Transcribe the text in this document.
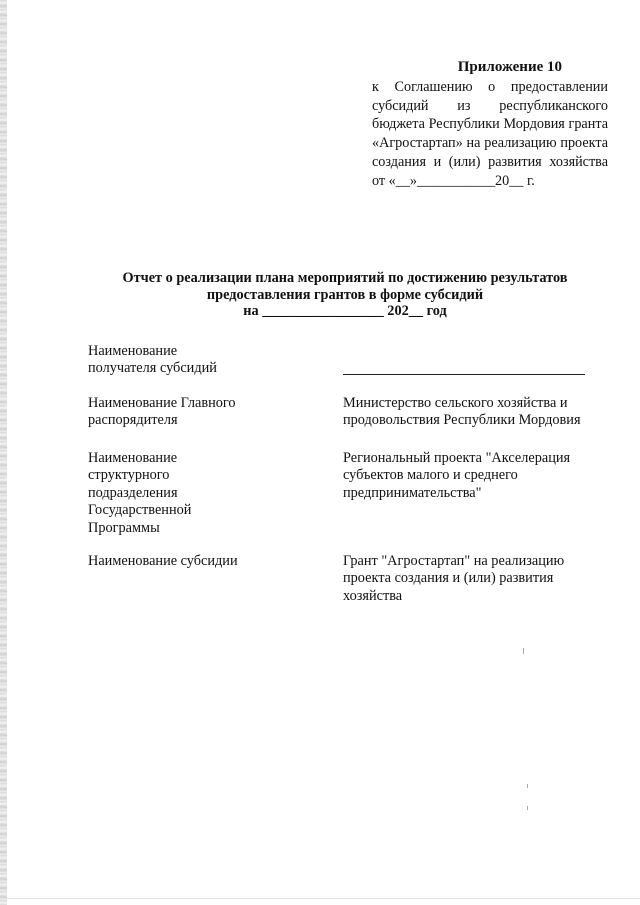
Приложение 10
к Соглашению о предоставлении субсидий из республиканского бюджета Республики Мордовия гранта «Агростартап» на реализацию проекта создания и (или) развития хозяйства от «__»___________20__ г.
Отчет о реализации плана мероприятий по достижению результатов
предоставления грантов в форме субсидий
на _________________ 202__ год
Наименование получателя субсидий
Наименование Главного распорядителя
Министерство сельского хозяйства и продовольствия Республики Мордовия
Наименование структурного подразделения Государственной Программы
Региональный проекта "Акселерация субъектов малого и среднего предпринимательства"
Наименование субсидии	Грант "Агростартап" на реализацию проекта создания и (или) развития хозяйства
